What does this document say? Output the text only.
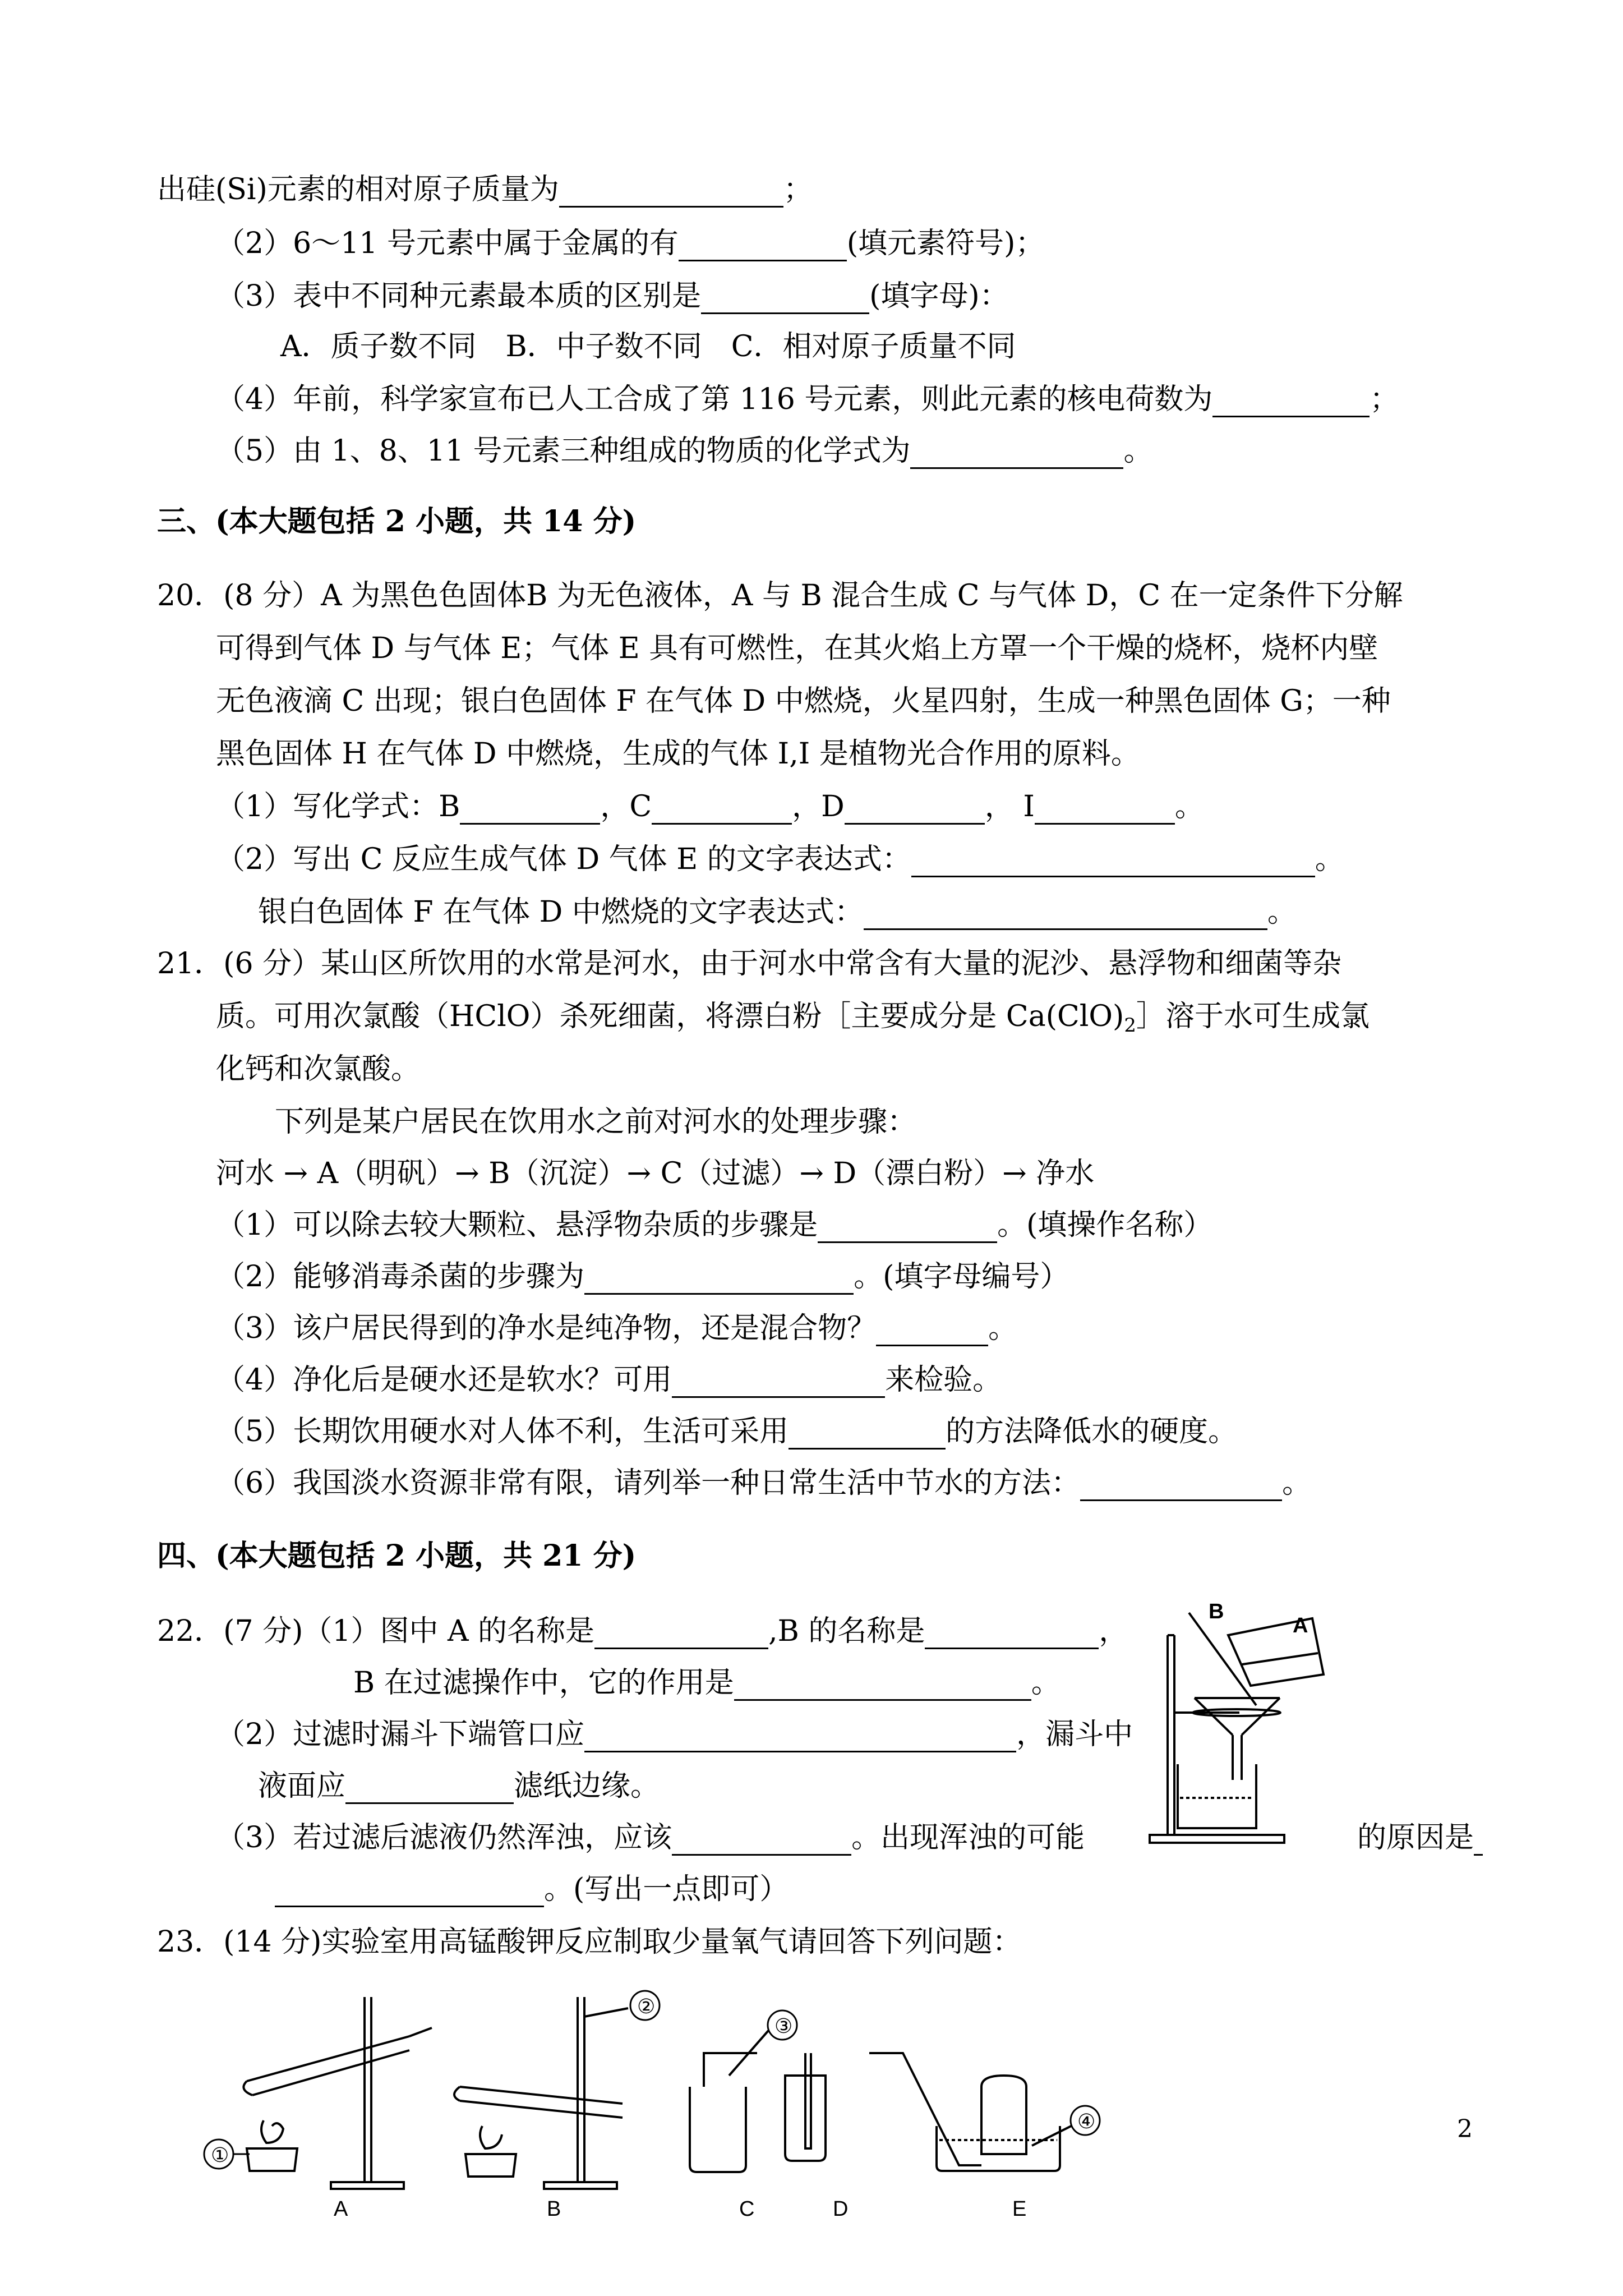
出硅(Si)元素的相对原子质量为	；
（2）6～11 号元素中属于金属的有	(填元素符号)；
（3）表中不同种元素最本质的区别是	(填字母)：
A．质子数不同　B．中子数不同　C．相对原子质量不同
（4）年前，科学家宣布已人工合成了第 116 号元素，则此元素的核电荷数为	；
（5）由 1、8、11 号元素三种组成的物质的化学式为	。
三、(本大题包括 2 小题，共 14 分)
20．(8 分）A 为黑色色固体B 为无色液体，A 与 B 混合生成 C 与气体 D，C 在一定条件下分解
可得到气体 D 与气体 E；气体 E 具有可燃性，在其火焰上方罩一个干燥的烧杯，烧杯内壁
无色液滴 C 出现；银白色固体 F 在气体 D 中燃烧，火星四射，生成一种黑色固体 G；一种
黑色固体 H 在气体 D 中燃烧，生成的气体 I,I 是植物光合作用的原料。
（1）写化学式：B	，C	，D	， I	。
（2）写出 C 反应生成气体 D 气体 E 的文字表达式：	。
银白色固体 F 在气体 D 中燃烧的文字表达式：	。
21．(6 分）某山区所饮用的水常是河水，由于河水中常含有大量的泥沙、悬浮物和细菌等杂
质。可用次氯酸（HClO）杀死细菌，将漂白粉［主要成分是 $Ca(ClO)_2]$溶于水可生成氯
化钙和次氯酸。
下列是某户居民在饮用水之前对河水的处理步骤：
河水 → A（明矾）→ B（沉淀）→ C（过滤）→ D（漂白粉）→ 净水
（1）可以除去较大颗粒、悬浮物杂质的步骤是	。(填操作名称）
（2）能够消毒杀菌的步骤为	。(填字母编号）
（3）该户居民得到的净水是纯净物，还是混合物？	。
（4）净化后是硬水还是软水？可用	来检验。
（5）长期饮用硬水对人体不利，生活可采用	的方法降低水的硬度。
（6）我国淡水资源非常有限，请列举一种日常生活中节水的方法：	。
四、(本大题包括 2 小题，共 21 分)
22．(7 分)（1）图中 A 的名称是	,B 的名称是	，
B 在过滤操作中，它的作用是	。
（2）过滤时漏斗下端管口应	，漏斗中
液面应	滤纸边缘。
（3）若过滤后滤液仍然浑浊，应该	。出现浑浊的可能	的原因是
。(写出一点即可）
B
A
23．(14 分)实验室用高锰酸钾反应制取少量氧气请回答下列问题：
①
②
③
④
A	B	C	D	E
2
